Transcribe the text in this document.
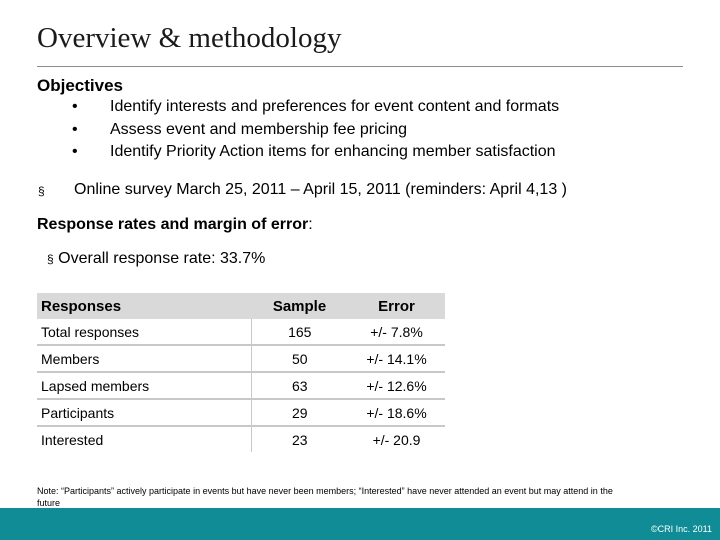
Overview & methodology
Objectives
• Identify interests and preferences for event content and formats
• Assess event and membership fee pricing
• Identify Priority Action items for enhancing member satisfaction
§ Online survey March 25, 2011 – April 15, 2011 (reminders: April 4,13 )
Response rates and margin of error:
§ Overall response rate: 33.7%
Responses	Sample	Error
Total responses	165	+/- 7.8%
Members	50	+/- 14.1%
Lapsed members	63	+/- 12.6%
Participants	29	+/- 18.6%
Interested	23	+/- 20.9
Note: “Participants” actively participate in events but have never been members; “Interested” have never attended an event but may attend in the future
©CRI Inc. 2011
